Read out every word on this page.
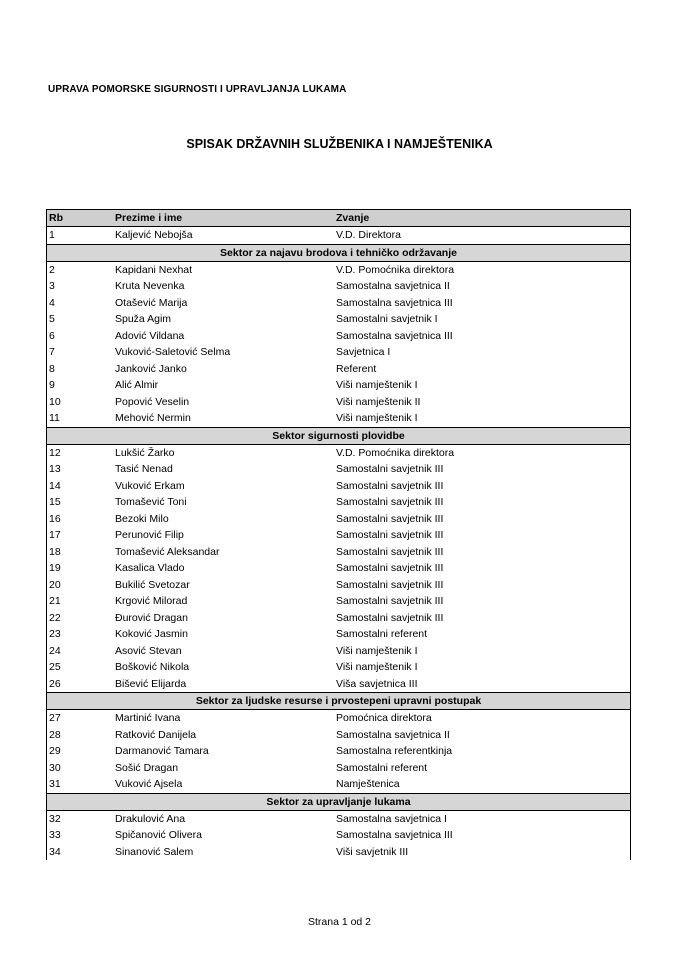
UPRAVA POMORSKE SIGURNOSTI I UPRAVLJANJA LUKAMA
SPISAK DRŽAVNIH SLUŽBENIKA I NAMJEŠTENIKA
Rb	Prezime i ime	Zvanje
1	Kaljević Nebojša	V.D. Direktora
Sektor za najavu brodova i tehničko održavanje		
2	Kapidani Nexhat	V.D. Pomoćnika direktora
3	Kruta Nevenka	Samostalna savjetnica II
4	Otašević Marija	Samostalna savjetnica III
5	Spuža Agim	Samostalni savjetnik I
6	Adović Vildana	Samostalna savjetnica III
7	Vuković-Saletović Selma	Savjetnica I
8	Janković Janko	Referent
9	Alić Almir	Viši namještenik I
10	Popović Veselin	Viši namještenik II
11	Mehović Nermin	Viši namještenik I
Sektor sigurnosti plovidbe		
12	Lukšić Žarko	V.D. Pomoćnika direktora
13	Tasić Nenad	Samostalni savjetnik III
14	Vuković Erkam	Samostalni savjetnik III
15	Tomašević Toni	Samostalni savjetnik III
16	Bezoki Milo	Samostalni savjetnik III
17	Perunović Filip	Samostalni savjetnik III
18	Tomašević Aleksandar	Samostalni savjetnik III
19	Kasalica Vlado	Samostalni savjetnik III
20	Bukilić Svetozar	Samostalni savjetnik III
21	Krgović Milorad	Samostalni savjetnik III
22	Đurović Dragan	Samostalni savjetnik III
23	Koković Jasmin	Samostalni referent
24	Asović Stevan	Viši namještenik I
25	Bošković Nikola	Viši namještenik I
26	Bišević Elijarda	Viša savjetnica III
Sektor za ljudske resurse i prvostepeni upravni postupak		
27	Martinić Ivana	Pomoćnica direktora
28	Ratković Danijela	Samostalna savjetnica II
29	Darmanović Tamara	Samostalna referentkinja
30	Sošić Dragan	Samostalni referent
31	Vuković Ajsela	Namještenica
Sektor za upravljanje lukama		
32	Drakulović Ana	Samostalna savjetnica I
33	Spičanović Olivera	Samostalna savjetnica III
34	Sinanović Salem	Viši savjetnik III
Strana 1 od 2
